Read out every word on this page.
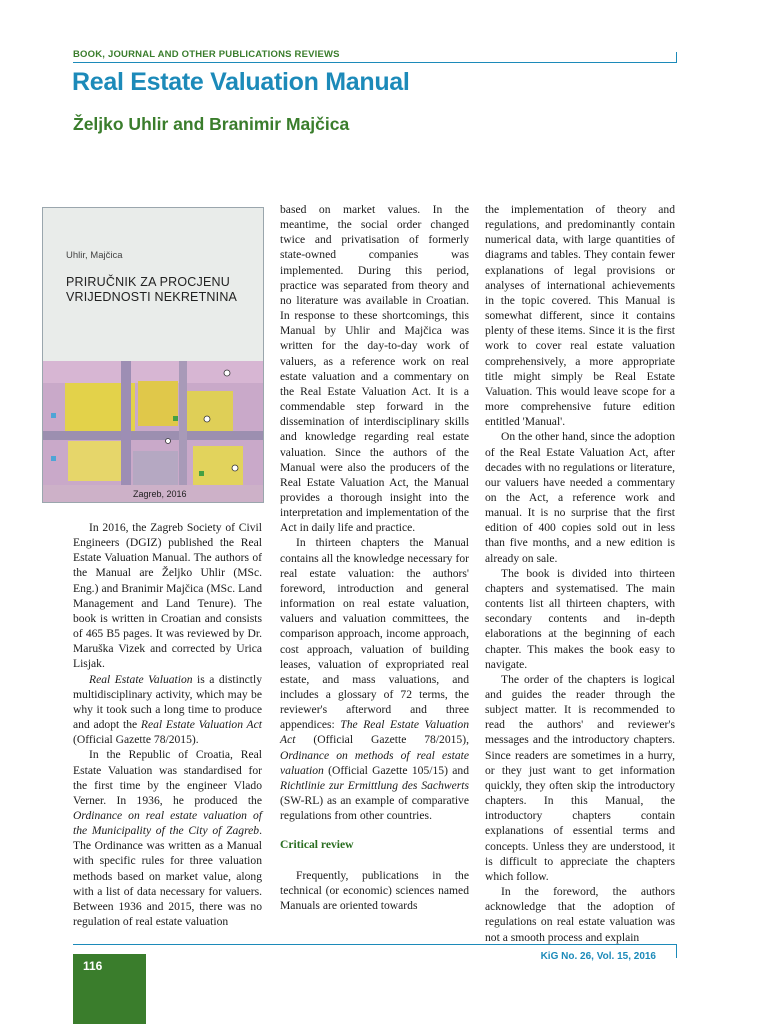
BOOK, JOURNAL AND OTHER PUBLICATIONS REVIEWS
Real Estate Valuation Manual
Željko Uhlir and Branimir Majčica
Uhlir, Majčica
PRIRUČNIK ZA PROCJENU
VRIJEDNOSTI NEKRETNINA
Zagreb, 2016

In 2016, the Zagreb Society of Civil Engineers (DGIZ) published the Real Estate Valuation Manual. The authors of the Manual are Željko Uhlir (MSc. Eng.) and Branimir Majčica (MSc. Land Management and Land Tenure). The book is written in Croatian and consists of 465 B5 pages. It was reviewed by Dr. Maruška Vizek and corrected by Urica Lisjak.

Real Estate Valuation is a distinctly multidisciplinary activity, which may be why it took such a long time to produce and adopt the Real Estate Valuation Act (Official Gazette 78/2015).

In the Republic of Croatia, Real Estate Valuation was standardised for the first time by the engineer Vlado Verner. In 1936, he produced the Ordinance on real estate valuation of the Municipality of the City of Zagreb. The Ordinance was written as a Manual with specific rules for three valuation methods based on market value, along with a list of data necessary for valuers. Between 1936 and 2015, there was no regulation of real estate valuation

based on market values. In the meantime, the social order changed twice and privatisation of formerly state-owned companies was implemented. During this period, practice was separated from theory and no literature was available in Croatian. In response to these shortcomings, this Manual by Uhlir and Majčica was written for the day-to-day work of valuers, as a reference work on real estate valuation and a commentary on the Real Estate Valuation Act. It is a commendable step forward in the dissemination of interdisciplinary skills and knowledge regarding real estate valuation. Since the authors of the Manual were also the producers of the Real Estate Valuation Act, the Manual provides a thorough insight into the interpretation and implementation of the Act in daily life and practice.

In thirteen chapters the Manual contains all the knowledge necessary for real estate valuation: the authors' foreword, introduction and general information on real estate valuation, valuers and valuation committees, the comparison approach, income approach, cost approach, valuation of building leases, valuation of expropriated real estate, and mass valuations, and includes a glossary of 72 terms, the reviewer's afterword and three appendices: The Real Estate Valuation Act (Official Gazette 78/2015), Ordinance on methods of real estate valuation (Official Gazette 105/15) and Richtlinie zur Ermittlung des Sachwerts (SW-RL) as an example of comparative regulations from other countries.

Critical review

Frequently, publications in the technical (or economic) sciences named Manuals are oriented towards

the implementation of theory and regulations, and predominantly contain numerical data, with large quantities of diagrams and tables. They contain fewer explanations of legal provisions or analyses of international achievements in the topic covered. This Manual is somewhat different, since it contains plenty of these items. Since it is the first work to cover real estate valuation comprehensively, a more appropriate title might simply be Real Estate Valuation. This would leave scope for a more comprehensive future edition entitled 'Manual'.

On the other hand, since the adoption of the Real Estate Valuation Act, after decades with no regulations or literature, our valuers have needed a commentary on the Act, a reference work and manual. It is no surprise that the first edition of 400 copies sold out in less than five months, and a new edition is already on sale.

The book is divided into thirteen chapters and systematised. The main contents list all thirteen chapters, with secondary contents and in-depth elaborations at the beginning of each chapter. This makes the book easy to navigate.

The order of the chapters is logical and guides the reader through the subject matter. It is recommended to read the authors' and reviewer's messages and the introductory chapters. Since readers are sometimes in a hurry, or they just want to get information quickly, they often skip the introductory chapters. In this Manual, the introductory chapters contain explanations of essential terms and concepts. Unless they are understood, it is difficult to appreciate the chapters which follow.

In the foreword, the authors acknowledge that the adoption of regulations on real estate valuation was not a smooth process and explain

KiG No. 26, Vol. 15, 2016
116
